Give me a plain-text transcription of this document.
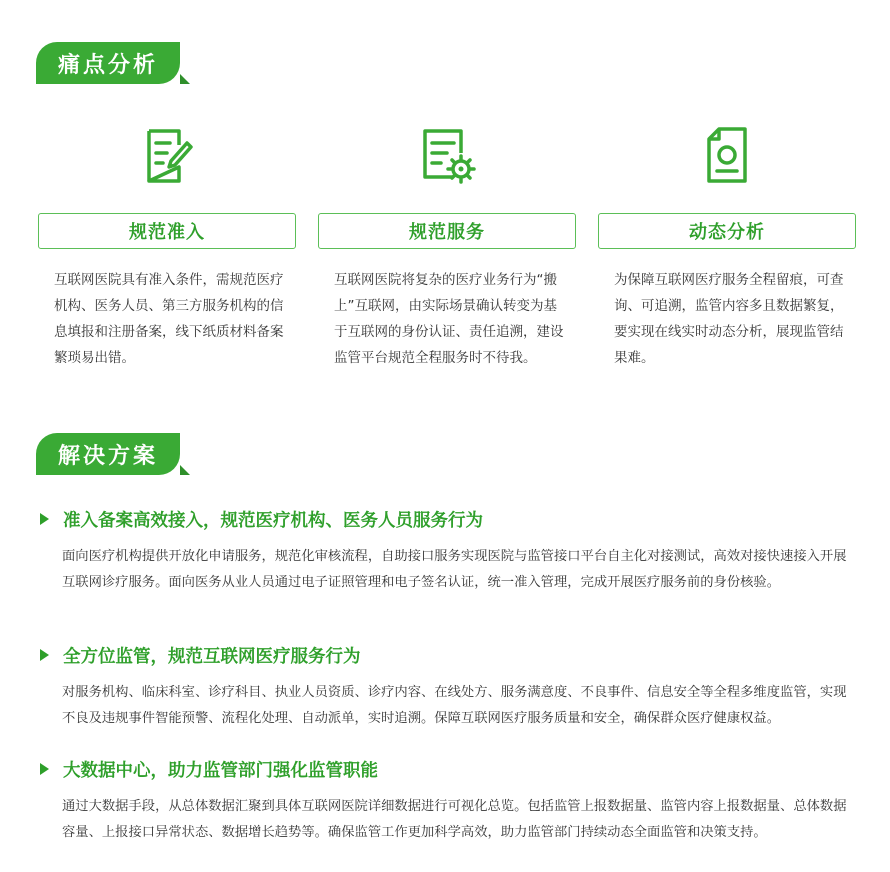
痛点分析
规范准入
互联网医院具有准入条件，需规范医疗机构、医务人员、第三方服务机构的信息填报和注册备案，线下纸质材料备案繁琐易出错。
规范服务
互联网医院将复杂的医疗业务行为“搬上”互联网，由实际场景确认转变为基于互联网的身份认证、责任追溯，建设监管平台规范全程服务时不待我。
动态分析
为保障互联网医疗服务全程留痕，可查询、可追溯，监管内容多且数据繁复，要实现在线实时动态分析，展现监管结果难。
解决方案
准入备案高效接入，规范医疗机构、医务人员服务行为
面向医疗机构提供开放化申请服务，规范化审核流程，自助接口服务实现医院与监管接口平台自主化对接测试，高效对接快速接入开展互联网诊疗服务。面向医务从业人员通过电子证照管理和电子签名认证，统一准入管理，完成开展医疗服务前的身份核验。
全方位监管，规范互联网医疗服务行为
对服务机构、临床科室、诊疗科目、执业人员资质、诊疗内容、在线处方、服务满意度、不良事件、信息安全等全程多维度监管，实现不良及违规事件智能预警、流程化处理、自动派单，实时追溯。保障互联网医疗服务质量和安全，确保群众医疗健康权益。
大数据中心，助力监管部门强化监管职能
通过大数据手段，从总体数据汇聚到具体互联网医院详细数据进行可视化总览。包括监管上报数据量、监管内容上报数据量、总体数据容量、上报接口异常状态、数据增长趋势等。确保监管工作更加科学高效，助力监管部门持续动态全面监管和决策支持。
